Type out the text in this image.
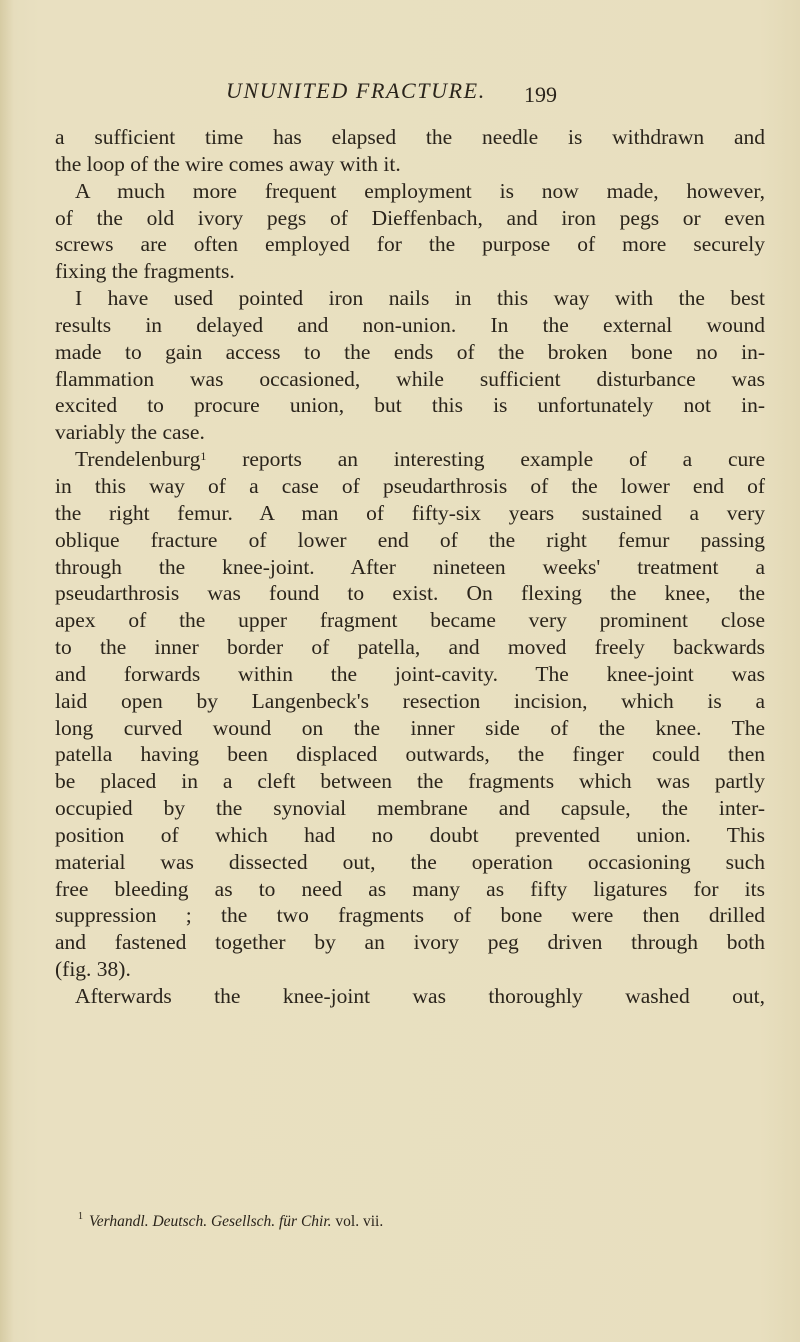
UNUNITED FRACTURE. 199
a sufficient time has elapsed the needle is withdrawn and
the loop of the wire comes away with it.
A much more frequent employment is now made, however,
of the old ivory pegs of Dieffenbach, and iron pegs or even
screws are often employed for the purpose of more securely
fixing the fragments.
I have used pointed iron nails in this way with the best
results in delayed and non-union. In the external wound
made to gain access to the ends of the broken bone no in-
flammation was occasioned, while sufficient disturbance was
excited to procure union, but this is unfortunately not in-
variably the case.
Trendelenburg$^1$ reports an interesting example of a cure
in this way of a case of pseudarthrosis of the lower end of
the right femur. A man of fifty-six years sustained a very
oblique fracture of lower end of the right femur passing
through the knee-joint. After nineteen weeks' treatment a
pseudarthrosis was found to exist. On flexing the knee, the
apex of the upper fragment became very prominent close
to the inner border of patella, and moved freely backwards
and forwards within the joint-cavity. The knee-joint was
laid open by Langenbeck's resection incision, which is a
long curved wound on the inner side of the knee. The
patella having been displaced outwards, the finger could then
be placed in a cleft between the fragments which was partly
occupied by the synovial membrane and capsule, the inter-
position of which had no doubt prevented union. This
material was dissected out, the operation occasioning such
free bleeding as to need as many as fifty ligatures for its
suppression ; the two fragments of bone were then drilled
and fastened together by an ivory peg driven through both
(fig. 38).
Afterwards the knee-joint was thoroughly washed out,
$^1$ Verhandl. Deutsch. Gesellsch. für Chir. vol. vii.
